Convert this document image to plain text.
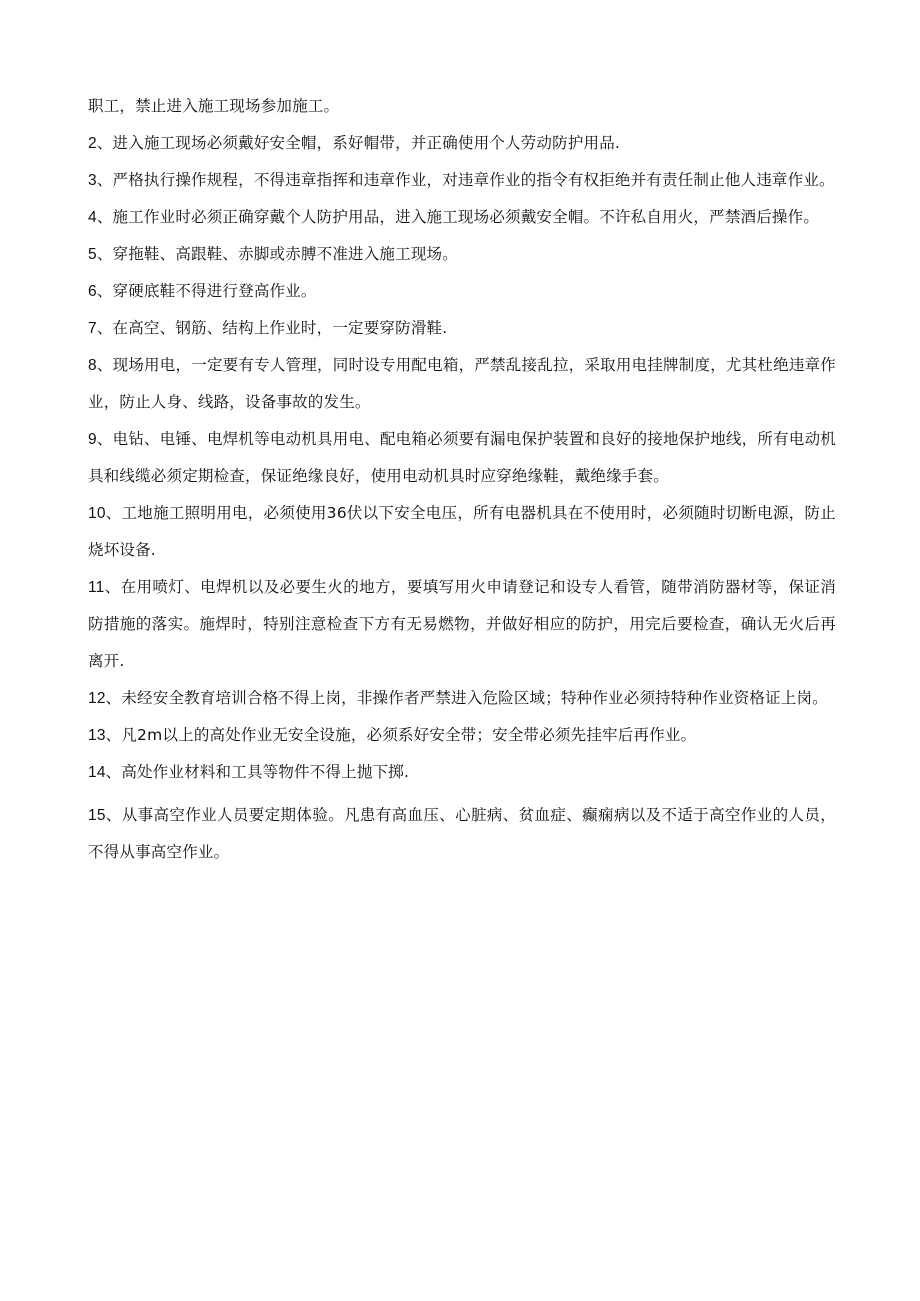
职工，禁止进入施工现场参加施工。

2、进入施工现场必须戴好安全帽，系好帽带，并正确使用个人劳动防护用品.

3、严格执行操作规程，不得违章指挥和违章作业，对违章作业的指令有权拒绝并有责任制止他人违章作业。

4、施工作业时必须正确穿戴个人防护用品，进入施工现场必须戴安全帽。不许私自用火，严禁酒后操作。

5、穿拖鞋、高跟鞋、赤脚或赤膊不准进入施工现场。

6、穿硬底鞋不得进行登高作业。

7、在高空、钢筋、结构上作业时，一定要穿防滑鞋.

8、现场用电，一定要有专人管理，同时设专用配电箱，严禁乱接乱拉，采取用电挂牌制度，尤其杜绝违章作业，防止人身、线路，设备事故的发生。

9、电钻、电锤、电焊机等电动机具用电、配电箱必须要有漏电保护装置和良好的接地保护地线，所有电动机具和线缆必须定期检查，保证绝缘良好，使用电动机具时应穿绝缘鞋，戴绝缘手套。

10、工地施工照明用电，必须使用36伏以下安全电压，所有电器机具在不使用时，必须随时切断电源，防止烧坏设备.

11、在用喷灯、电焊机以及必要生火的地方，要填写用火申请登记和设专人看管，随带消防器材等，保证消防措施的落实。施焊时，特别注意检查下方有无易燃物，并做好相应的防护，用完后要检查，确认无火后再离开.

12、未经安全教育培训合格不得上岗，非操作者严禁进入危险区域；特种作业必须持特种作业资格证上岗。

13、凡2m以上的高处作业无安全设施，必须系好安全带；安全带必须先挂牢后再作业。

14、高处作业材料和工具等物件不得上抛下掷.

15、从事高空作业人员要定期体验。凡患有高血压、心脏病、贫血症、癫痫病以及不适于高空作业的人员，不得从事高空作业。
